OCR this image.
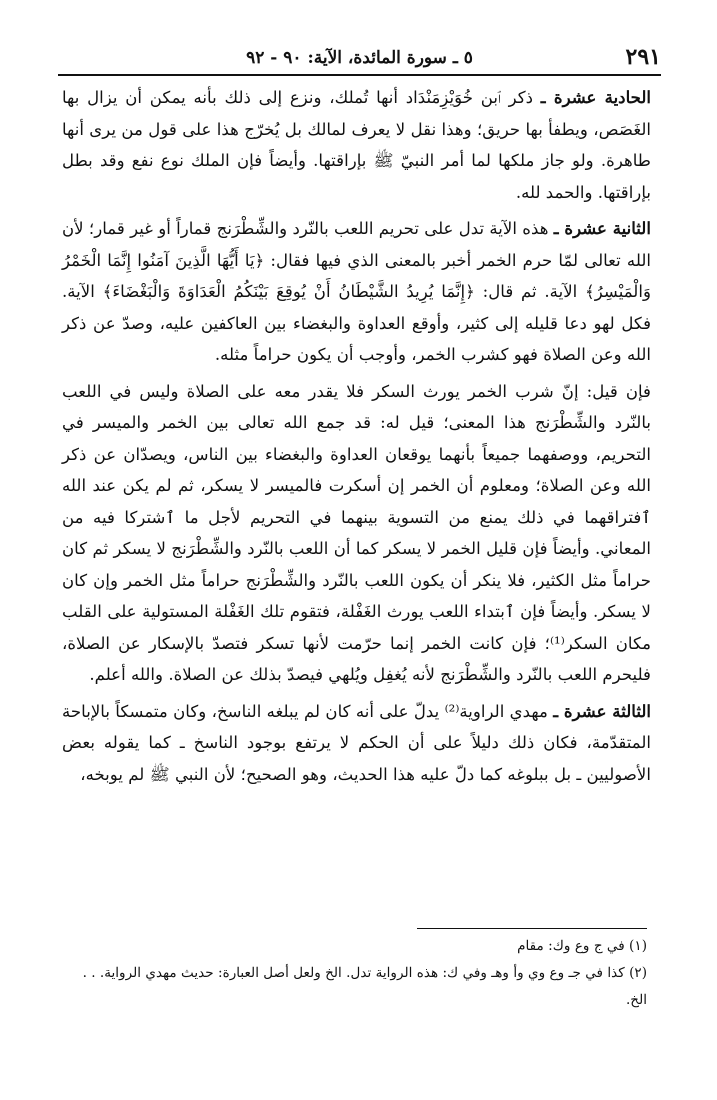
٢٩١
٥ ـ سورة المائدة، الآية: ٩٠ - ٩٢

الحادية عشرة ـ ذكر ٱبن خُوَيْزِمَنْدَاد أنها تُملك، ونزع إلى ذلك بأنه يمكن أن يزال بها الغَصَص، ويطفأ بها حريق؛ وهذا نقل لا يعرف لمالك بل يُخرّج هذا على قول من يرى أنها طاهرة. ولو جاز ملكها لما أمر النبيّ ﷺ بإراقتها. وأيضاً فإن الملك نوع نفع وقد بطل بإراقتها. والحمد لله.

الثانية عشرة ـ هذه الآية تدل على تحريم اللعب بالنّرد والشِّطْرَنج قماراً أو غير قمار؛ لأن الله تعالى لمّا حرم الخمر أخبر بالمعنى الذي فيها فقال: ﴿يَا أَيُّهَا الَّذِينَ آمَنُوا إِنَّمَا الْخَمْرُ وَالْمَيْسِرُ﴾ الآية. ثم قال: ﴿إِنَّمَا يُرِيدُ الشَّيْطَانُ أَنْ يُوقِعَ بَيْنَكُمُ الْعَدَاوَةَ وَالْبَغْضَاءَ﴾ الآية. فكل لهو دعا قليله إلى كثير، وأوقع العداوة والبغضاء بين العاكفين عليه، وصدّ عن ذكر الله وعن الصلاة فهو كشرب الخمر، وأوجب أن يكون حراماً مثله.

فإن قيل: إنّ شرب الخمر يورث السكر فلا يقدر معه على الصلاة وليس في اللعب بالنّرد والشِّطْرَنج هذا المعنى؛ قيل له: قد جمع الله تعالى بين الخمر والميسر في التحريم، ووصفهما جميعاً بأنهما يوقعان العداوة والبغضاء بين الناس، ويصدّان عن ذكر الله وعن الصلاة؛ ومعلوم أن الخمر إن أسكرت فالميسر لا يسكر، ثم لم يكن عند الله ٱفتراقهما في ذلك يمنع من التسوية بينهما في التحريم لأجل ما ٱشتركا فيه من المعاني. وأيضاً فإن قليل الخمر لا يسكر كما أن اللعب بالنّرد والشِّطْرَنج لا يسكر ثم كان حراماً مثل الكثير، فلا ينكر أن يكون اللعب بالنّرد والشِّطْرَنج حراماً مثل الخمر وإن كان لا يسكر. وأيضاً فإن ٱبتداء اللعب يورث الغَفْلة، فتقوم تلك الغَفْلة المستولية على القلب مكان السكر⁽¹⁾؛ فإن كانت الخمر إنما حرّمت لأنها تسكر فتصدّ بالإسكار عن الصلاة، فليحرم اللعب بالنّرد والشِّطْرَنج لأنه يُغفِل ويُلهي فيصدّ بذلك عن الصلاة. والله أعلم.

الثالثة عشرة ـ مهدي الراوية⁽²⁾ يدلّ على أنه كان لم يبلغه الناسخ، وكان متمسكاً بالإباحة المتقدّمة، فكان ذلك دليلاً على أن الحكم لا يرتفع بوجود الناسخ ـ كما يقوله بعض الأصوليين ـ بل ببلوغه كما دلّ عليه هذا الحديث، وهو الصحيح؛ لأن النبي ﷺ لم يوبخه،

(١) في ج وع وك: مقام

(٢) كذا في جـ وع وي وأ وهـ وفي ك: هذه الرواية تدل. الخ ولعل أصل العبارة: حديث مهدي الرواية. . . الخ.
